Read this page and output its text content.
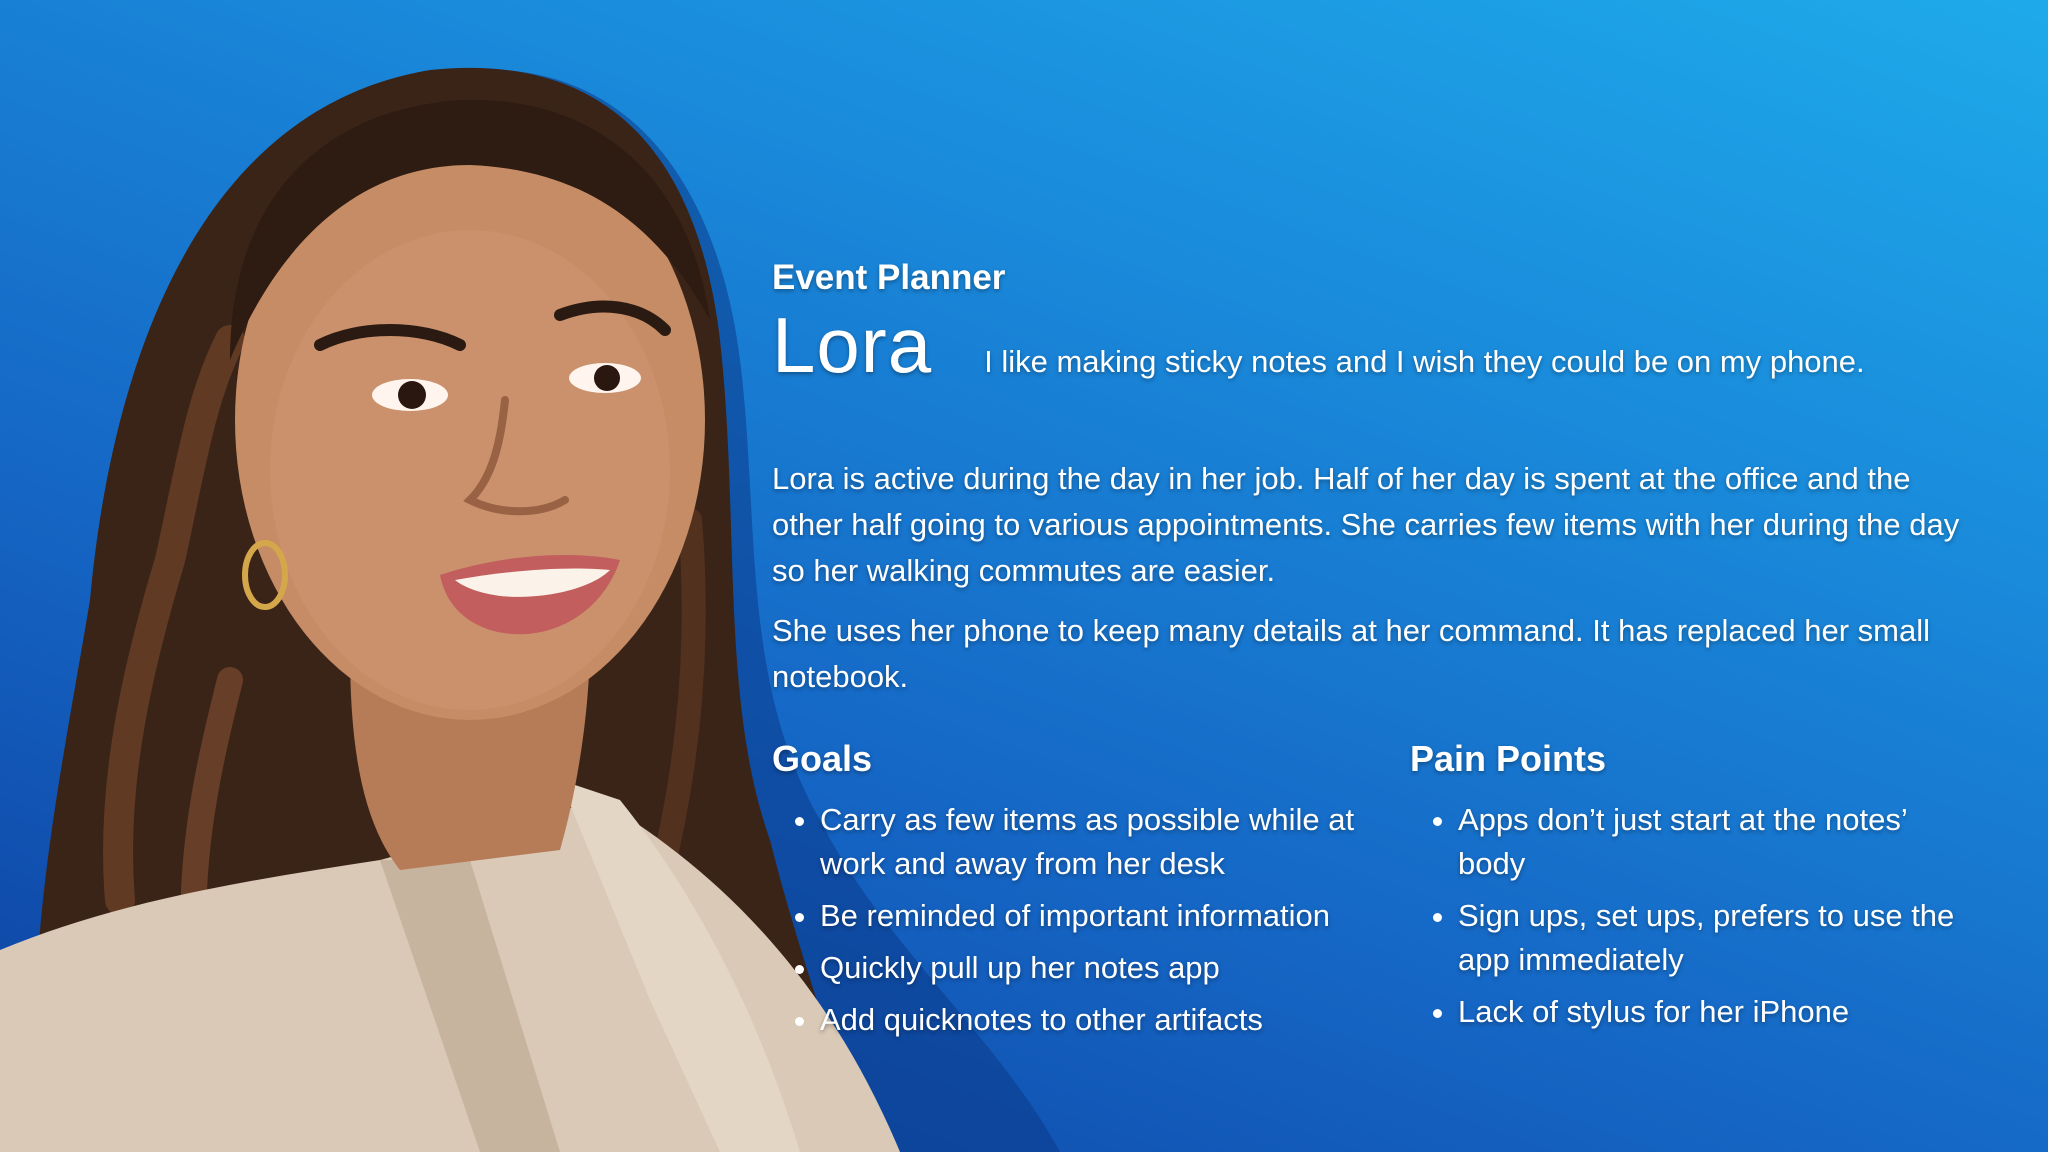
Event Planner

Lora I like making sticky notes and I wish they could be on my phone.

Lora is active during the day in her job. Half of her day is spent at the office and the other half going to various appointments. She carries few items with her during the day so her walking commutes are easier.

She uses her phone to keep many details at her command. It has replaced her small notebook.

Goals
• Carry as few items as possible while at work and away from her desk
• Be reminded of important information
• Quickly pull up her notes app
• Add quicknotes to other artifacts
Pain Points
• Apps don’t just start at the notes’ body
• Sign ups, set ups, prefers to use the app immediately
• Lack of stylus for her iPhone
